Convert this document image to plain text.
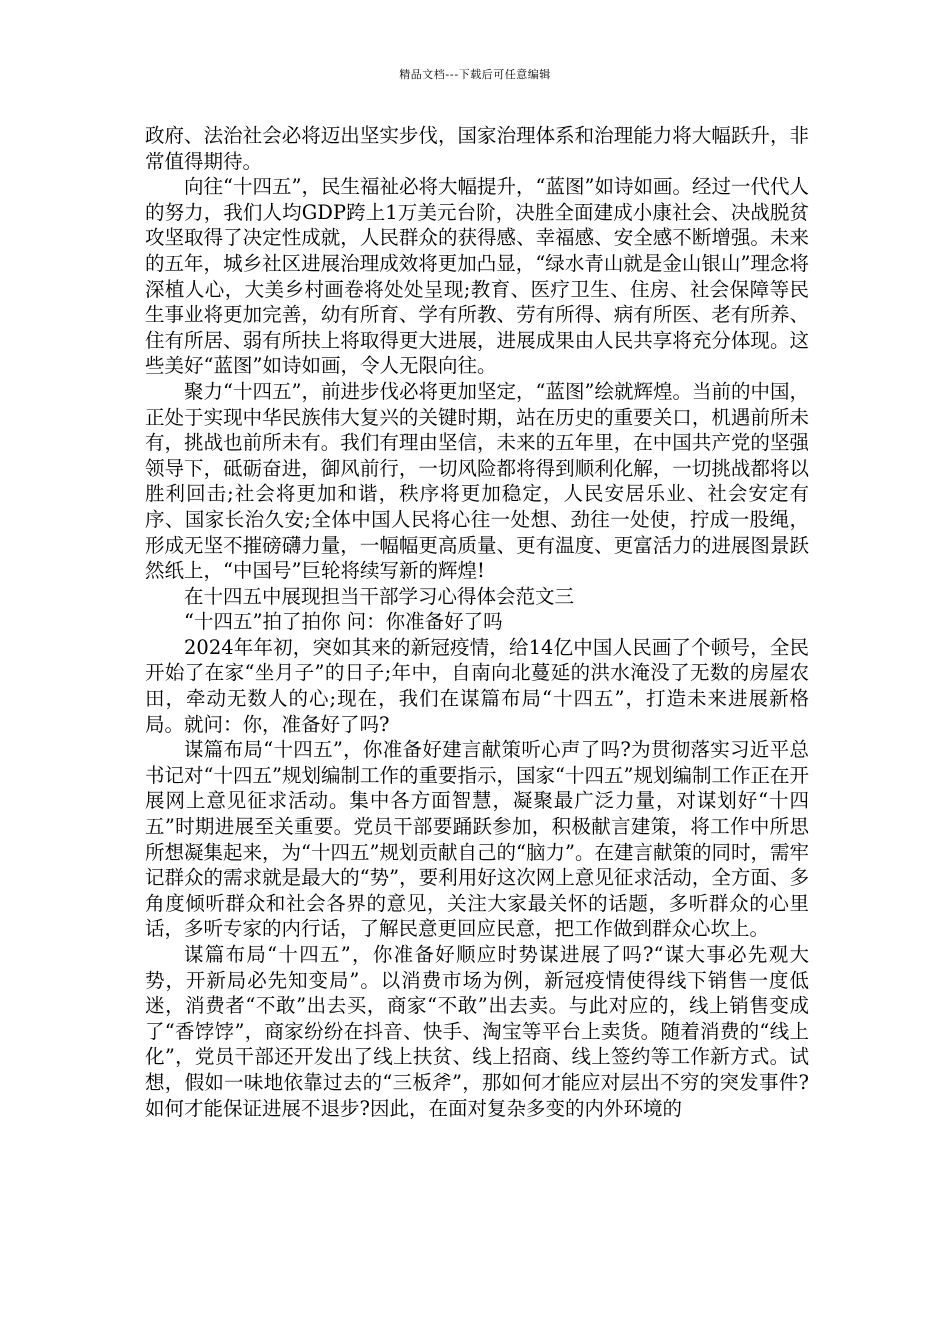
精品文档---下载后可任意编辑

政府、法治社会必将迈出坚实步伐，国家治理体系和治理能力将大幅跃升，非常值得期待。

向往“十四五”，民生福祉必将大幅提升，“蓝图”如诗如画。经过一代代人的努力，我们人均GDP跨上1万美元台阶，决胜全面建成小康社会、决战脱贫攻坚取得了决定性成就，人民群众的获得感、幸福感、安全感不断增强。未来的五年，城乡社区进展治理成效将更加凸显，“绿水青山就是金山银山”理念将深植人心，大美乡村画卷将处处呈现;教育、医疗卫生、住房、社会保障等民生事业将更加完善，幼有所育、学有所教、劳有所得、病有所医、老有所养、住有所居、弱有所扶上将取得更大进展，进展成果由人民共享将充分体现。这些美好“蓝图”如诗如画，令人无限向往。

聚力“十四五”，前进步伐必将更加坚定，“蓝图”绘就辉煌。当前的中国，正处于实现中华民族伟大复兴的关键时期，站在历史的重要关口，机遇前所未有，挑战也前所未有。我们有理由坚信，未来的五年里，在中国共产党的坚强领导下，砥砺奋进，御风前行，一切风险都将得到顺利化解，一切挑战都将以胜利回击;社会将更加和谐，秩序将更加稳定，人民安居乐业、社会安定有序、国家长治久安;全体中国人民将心往一处想、劲往一处使，拧成一股绳，形成无坚不摧磅礴力量，一幅幅更高质量、更有温度、更富活力的进展图景跃然纸上，“中国号”巨轮将续写新的辉煌!

在十四五中展现担当干部学习心得体会范文三

“十四五”拍了拍你 问：你准备好了吗

2024年年初，突如其来的新冠疫情，给14亿中国人民画了个顿号，全民开始了在家“坐月子”的日子;年中，自南向北蔓延的洪水淹没了无数的房屋农田，牵动无数人的心;现在，我们在谋篇布局“十四五”，打造未来进展新格局。就问：你，准备好了吗?

谋篇布局“十四五”，你准备好建言献策听心声了吗?为贯彻落实习近平总书记对“十四五”规划编制工作的重要指示，国家“十四五”规划编制工作正在开展网上意见征求活动。集中各方面智慧，凝聚最广泛力量，对谋划好“十四五”时期进展至关重要。党员干部要踊跃参加，积极献言建策，将工作中所思所想凝集起来，为“十四五”规划贡献自己的“脑力”。在建言献策的同时，需牢记群众的需求就是最大的“势”，要利用好这次网上意见征求活动，全方面、多角度倾听群众和社会各界的意见，关注大家最关怀的话题，多听群众的心里话，多听专家的内行话，了解民意更回应民意，把工作做到群众心坎上。

谋篇布局“十四五”，你准备好顺应时势谋进展了吗?“谋大事必先观大势，开新局必先知变局”。以消费市场为例，新冠疫情使得线下销售一度低迷，消费者“不敢”出去买，商家“不敢”出去卖。与此对应的，线上销售变成了“香饽饽”，商家纷纷在抖音、快手、淘宝等平台上卖货。随着消费的“线上化”，党员干部还开发出了线上扶贫、线上招商、线上签约等工作新方式。试想，假如一味地依靠过去的“三板斧”，那如何才能应对层出不穷的突发事件?如何才能保证进展不退步?因此，在面对复杂多变的内外环境的
